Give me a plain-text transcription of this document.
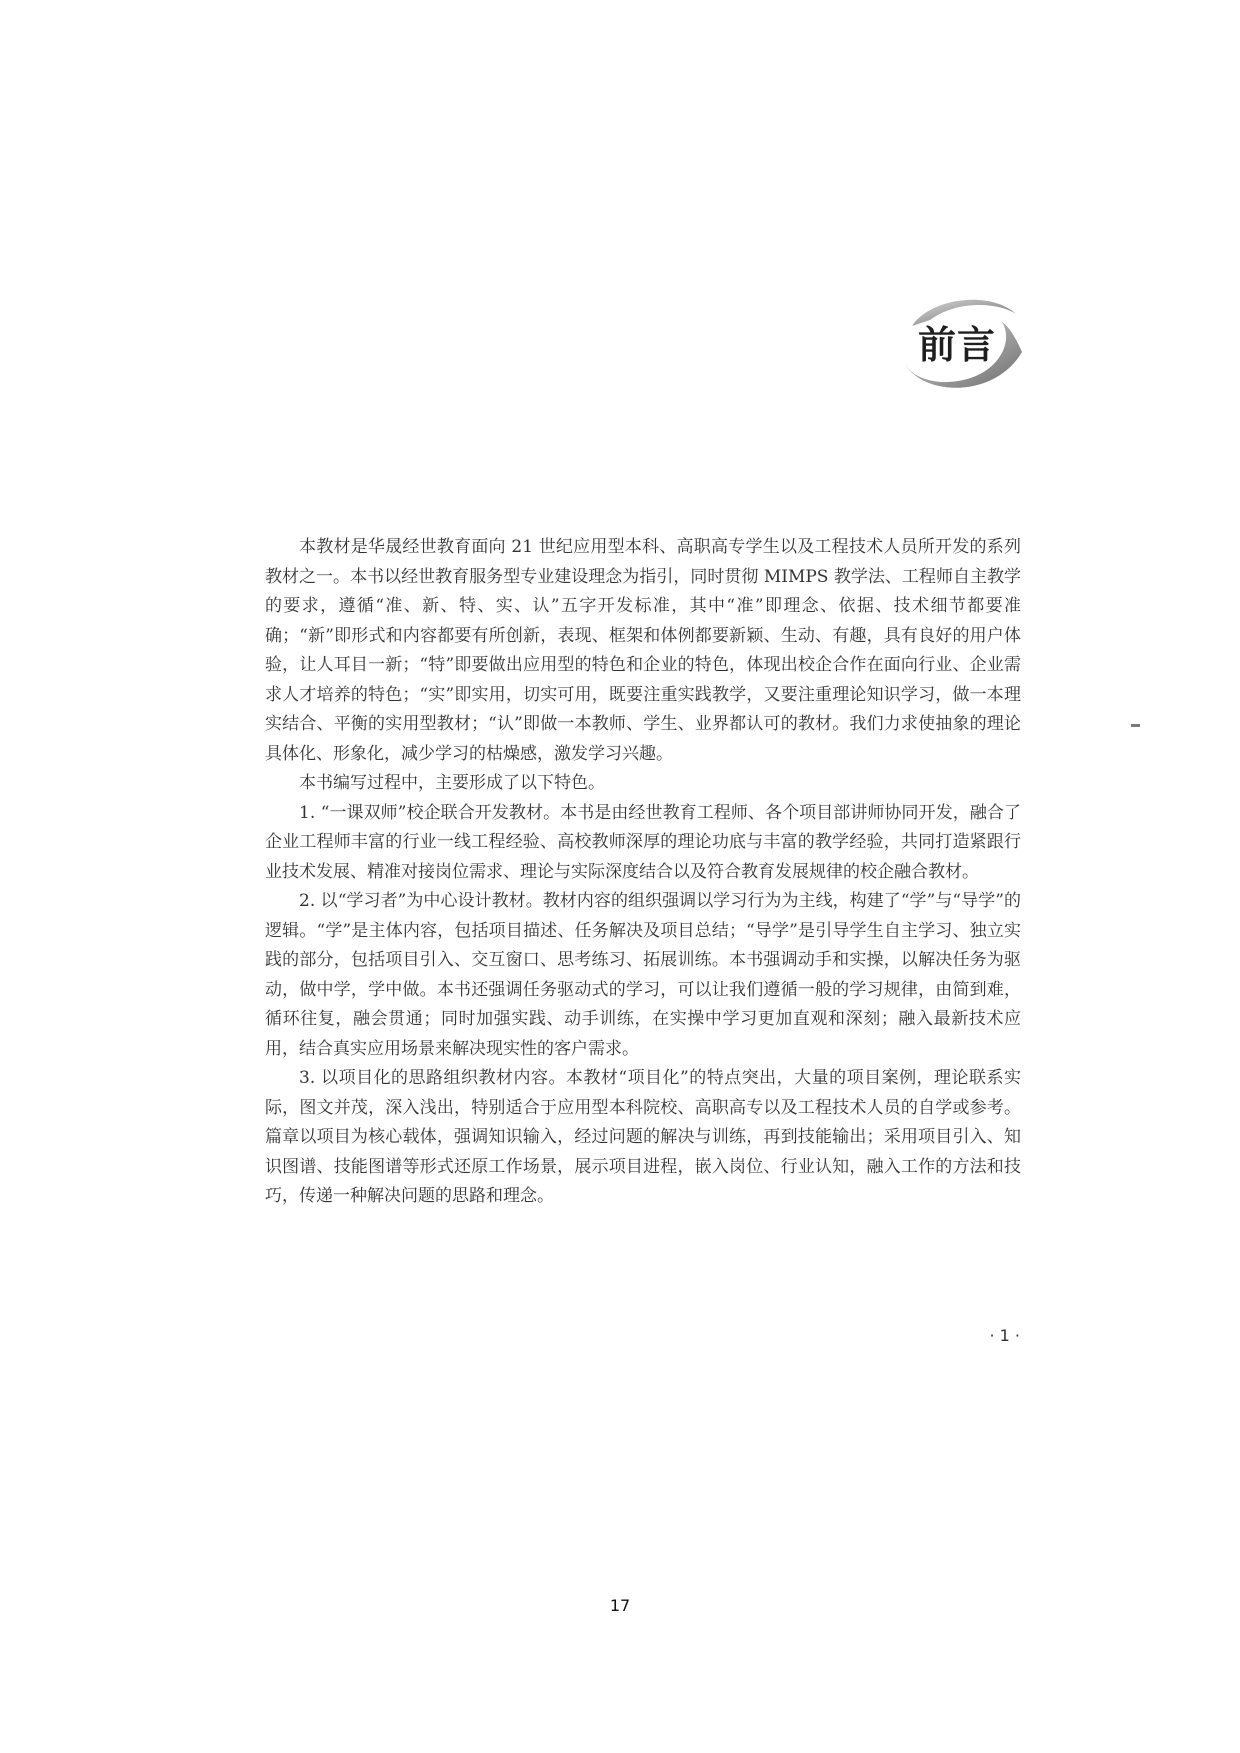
前言

本教材是华晟经世教育面向 21 世纪应用型本科、高职高专学生以及工程技术人员所开发的系列教材之一。本书以经世教育服务型专业建设理念为指引，同时贯彻 MIMPS 教学法、工程师自主教学的要求，遵循“准、新、特、实、认”五字开发标准，其中“准”即理念、依据、技术细节都要准确；“新”即形式和内容都要有所创新，表现、框架和体例都要新颖、生动、有趣，具有良好的用户体验，让人耳目一新；“特”即要做出应用型的特色和企业的特色，体现出校企合作在面向行业、企业需求人才培养的特色；“实”即实用，切实可用，既要注重实践教学，又要注重理论知识学习，做一本理实结合、平衡的实用型教材；“认”即做一本教师、学生、业界都认可的教材。我们力求使抽象的理论具体化、形象化，减少学习的枯燥感，激发学习兴趣。

本书编写过程中，主要形成了以下特色。

1. “一课双师”校企联合开发教材。本书是由经世教育工程师、各个项目部讲师协同开发，融合了企业工程师丰富的行业一线工程经验、高校教师深厚的理论功底与丰富的教学经验，共同打造紧跟行业技术发展、精准对接岗位需求、理论与实际深度结合以及符合教育发展规律的校企融合教材。

2. 以“学习者”为中心设计教材。教材内容的组织强调以学习行为为主线，构建了“学”与“导学”的逻辑。“学”是主体内容，包括项目描述、任务解决及项目总结；“导学”是引导学生自主学习、独立实践的部分，包括项目引入、交互窗口、思考练习、拓展训练。本书强调动手和实操，以解决任务为驱动，做中学，学中做。本书还强调任务驱动式的学习，可以让我们遵循一般的学习规律，由简到难，循环往复，融会贯通；同时加强实践、动手训练，在实操中学习更加直观和深刻；融入最新技术应用，结合真实应用场景来解决现实性的客户需求。

3. 以项目化的思路组织教材内容。本教材“项目化”的特点突出，大量的项目案例，理论联系实际，图文并茂，深入浅出，特别适合于应用型本科院校、高职高专以及工程技术人员的自学或参考。篇章以项目为核心载体，强调知识输入，经过问题的解决与训练，再到技能输出；采用项目引入、知识图谱、技能图谱等形式还原工作场景，展示项目进程，嵌入岗位、行业认知，融入工作的方法和技巧，传递一种解决问题的思路和理念。

· 1 ·
17
